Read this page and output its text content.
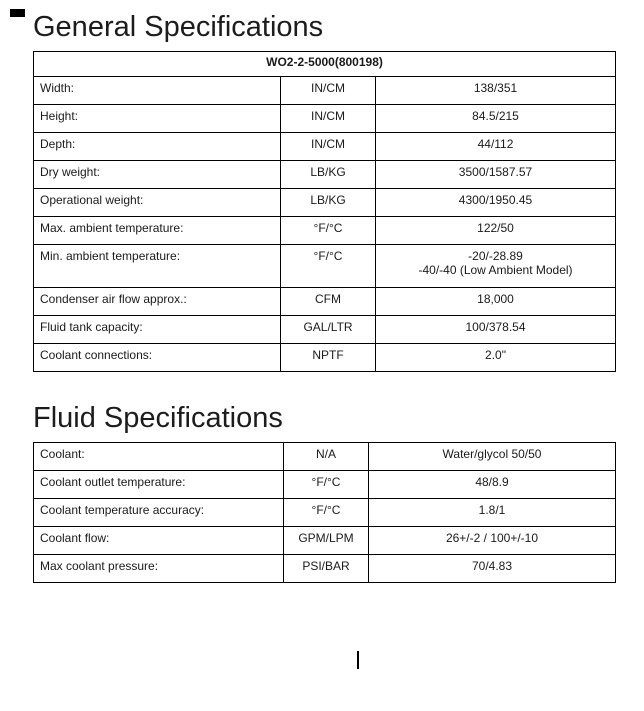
General Specifications
WO2-2-5000(800198)		

Width:	IN/CM	138/351

Height:	IN/CM	84.5/215

Depth:	IN/CM	44/112

Dry weight:	LB/KG	3500/1587.57

Operational weight:	LB/KG	4300/1950.45

Max. ambient temperature:	°F/°C	122/50

Min. ambient temperature:	°F/°C	-20/-28.89
-40/-40 (Low Ambient Model)

Condenser air flow approx.:	CFM	18,000

Fluid tank capacity:	GAL/LTR	100/378.54

Coolant connections:	NPTF	2.0"
Fluid Specifications
Coolant:	N/A	Water/glycol 50/50

Coolant outlet temperature:	°F/°C	48/8.9

Coolant temperature accuracy:	°F/°C	1.8/1

Coolant flow:	GPM/LPM	26+/-2 / 100+/-10

Max coolant pressure:	PSI/BAR	70/4.83
